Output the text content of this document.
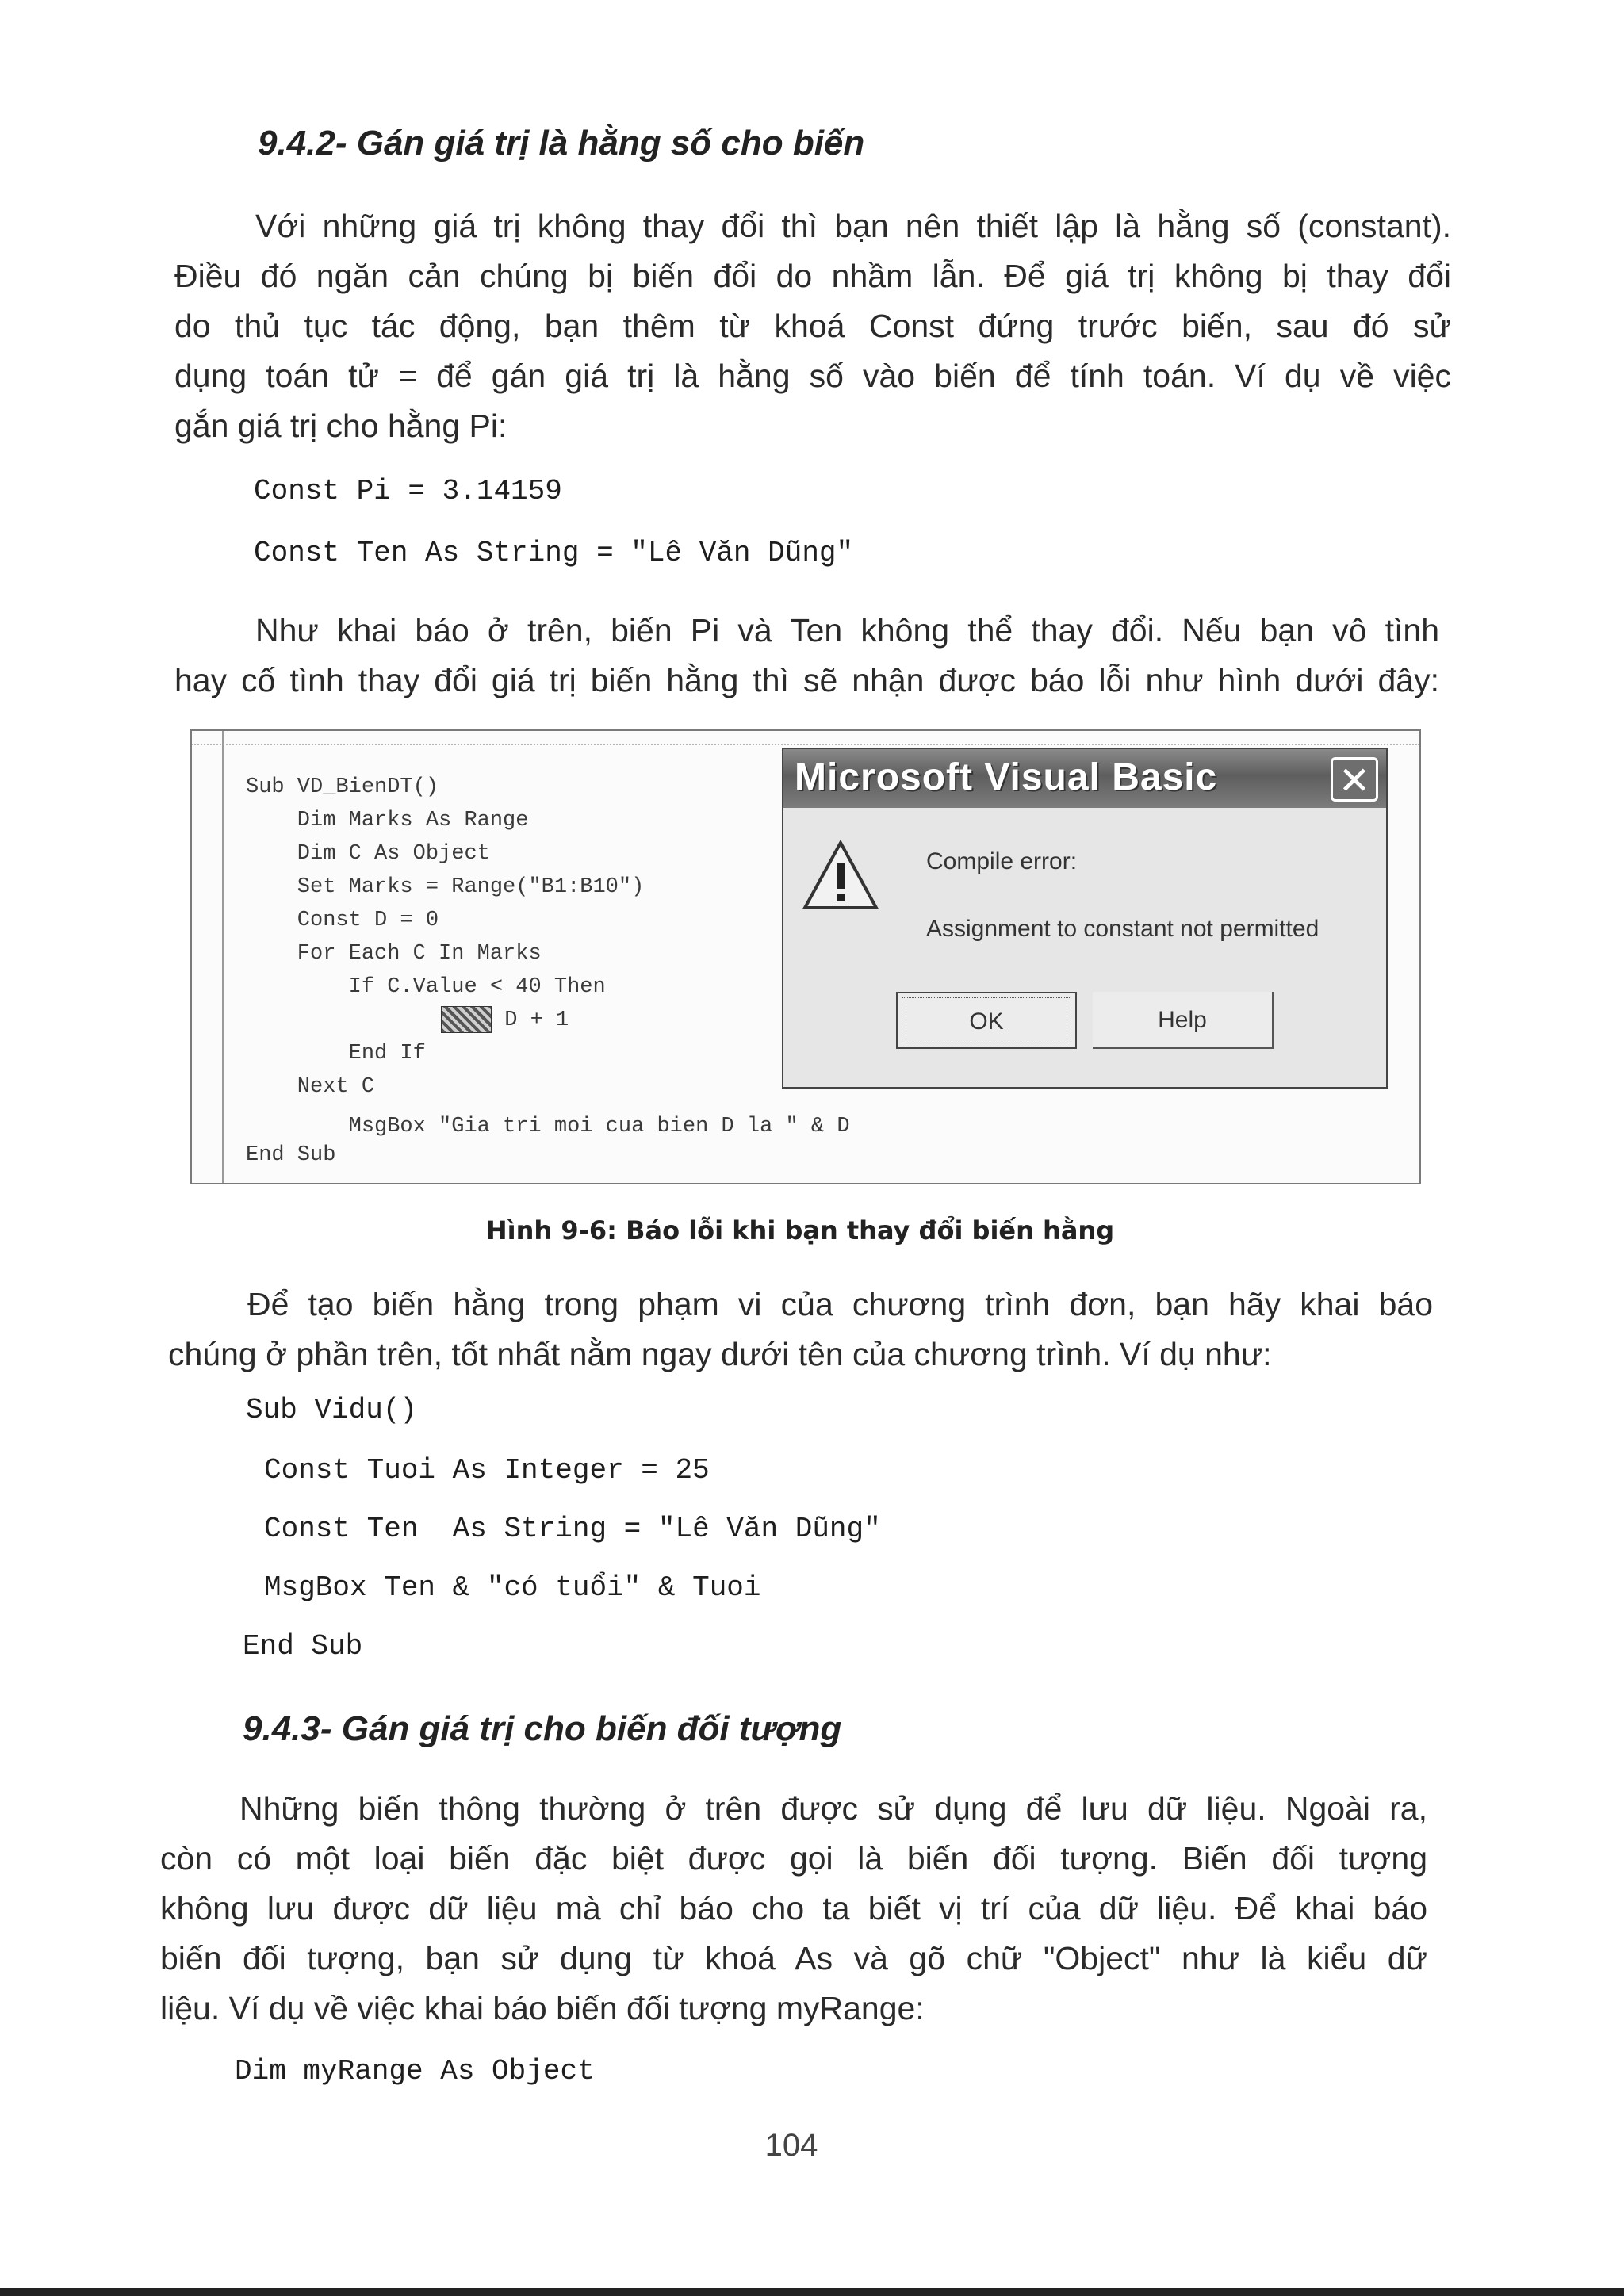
9.4.2- Gán giá trị là hằng số cho biến
Với những giá trị không thay đổi thì bạn nên thiết lập là hằng số (constant).
Điều đó ngăn cản chúng bị biến đổi do nhầm lẫn. Để giá trị không bị thay đổi
do thủ tục tác động, bạn thêm từ khoá Const đứng trước biến, sau đó sử
dụng toán tử = để gán giá trị là hằng số vào biến để tính toán. Ví dụ về việc
gắn giá trị cho hằng Pi:
Const Pi = 3.14159
Const Ten As String = "Lê Văn Dũng"
Như khai báo ở trên, biến Pi và Ten không thể thay đổi. Nếu bạn vô tình
hay cố tình thay đổi giá trị biến hằng thì sẽ nhận được báo lỗi như hình dưới đây:
Sub VD_BienDT()
Dim Marks As Range
Dim C As Object
Set Marks = Range("B1:B10")
Const D = 0
For Each C In Marks
If C.Value < 40 Then
D + 1
End If
Next C
MsgBox "Gia tri moi cua bien D la " & D
End Sub
Microsoft Visual Basic	✕
Compile error:
Assignment to constant not permitted
OK	Help
Hình 9-6: Báo lỗi khi bạn thay đổi biến hằng
Để tạo biến hằng trong phạm vi của chương trình đơn, bạn hãy khai báo
chúng ở phần trên, tốt nhất nằm ngay dưới tên của chương trình. Ví dụ như:
Sub Vidu()
Const Tuoi As Integer = 25
Const Ten  As String = "Lê Văn Dũng"
MsgBox Ten & "có tuổi" & Tuoi
End Sub
9.4.3- Gán giá trị cho biến đối tượng
Những biến thông thường ở trên được sử dụng để lưu dữ liệu. Ngoài ra,
còn có một loại biến đặc biệt được gọi là biến đối tượng. Biến đối tượng
không lưu được dữ liệu mà chỉ báo cho ta biết vị trí của dữ liệu. Để khai báo
biến đối tượng, bạn sử dụng từ khoá As và gõ chữ "Object" như là kiểu dữ
liệu. Ví dụ về việc khai báo biến đối tượng myRange:
Dim myRange As Object
104
